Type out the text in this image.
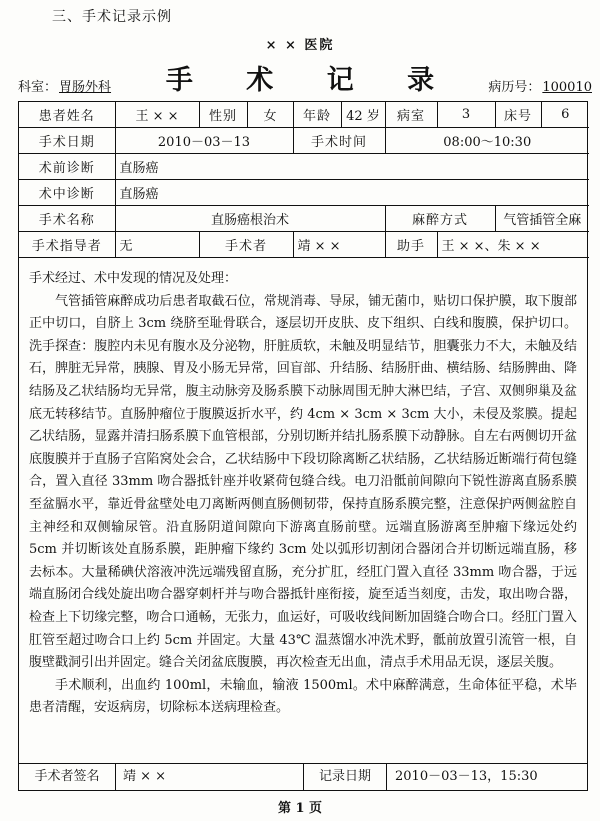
三、手术记录示例
× × 医院
手 术 记 录
科室： 胃肠外科	病历号： 100010
患者姓名	王 × ×	性别	女	年龄	42 岁	病室	3	床号	6
手术日期	2010－03－13			手术时间		08:00～10:30			
术前诊断	直肠癌								
术中诊断	直肠癌								
手术名称	直肠癌根治术					麻醉方式		气管插管全麻	
手术指导者	无	手术者		靖 × ×		助手	王 × ×、朱 × ×		

手术经过、术中发现的情况及处理：

气管插管麻醉成功后患者取截石位，常规消毒、导尿，铺无菌巾，贴切口保护膜，取下腹部正中切口，自脐上 3cm 绕脐至耻骨联合，逐层切开皮肤、皮下组织、白线和腹膜，保护切口。洗手探查：腹腔内未见有腹水及分泌物，肝脏质软，未触及明显结节，胆囊张力不大，未触及结石，脾脏无异常，胰腺、胃及小肠无异常，回盲部、升结肠、结肠肝曲、横结肠、结肠脾曲、降结肠及乙状结肠均无异常，腹主动脉旁及肠系膜下动脉周围无肿大淋巴结，子宫、双侧卵巢及盆底无转移结节。直肠肿瘤位于腹膜返折水平，约 4cm × 3cm × 3cm 大小，未侵及浆膜。提起乙状结肠，显露并清扫肠系膜下血管根部，分别切断并结扎肠系膜下动静脉。自左右两侧切开盆底腹膜并于直肠子宫陷窝处会合，乙状结肠中下段切除离断乙状结肠，乙状结肠近断端行荷包缝合，置入直径 33mm 吻合器抵针座并收紧荷包缝合线。电刀沿骶前间隙向下锐性游离直肠系膜至盆膈水平，靠近骨盆壁处电刀离断两侧直肠侧韧带，保持直肠系膜完整，注意保护两侧盆腔自主神经和双侧输尿管。沿直肠阴道间隙向下游离直肠前壁。远端直肠游离至肿瘤下缘远处约 5cm 并切断该处直肠系膜，距肿瘤下缘约 3cm 处以弧形切割闭合器闭合并切断远端直肠，移去标本。大量稀碘伏溶液冲洗远端残留直肠，充分扩肛，经肛门置入直径 33mm 吻合器，于远端直肠闭合线处旋出吻合器穿刺杆并与吻合器抵针座衔接，旋至适当刻度，击发，取出吻合器，检查上下切缘完整，吻合口通畅，无张力，血运好，可吸收线间断加固缝合吻合口。经肛门置入肛管至超过吻合口上约 5cm 并固定。大量 43℃ 温蒸馏水冲洗术野，骶前放置引流管一根，自腹壁戳洞引出并固定。缝合关闭盆底腹膜，再次检查无出血，清点手术用品无误，逐层关腹。

手术顺利，出血约 100ml，未输血，输液 1500ml。术中麻醉满意，生命体征平稳，术毕患者清醒，安返病房，切除标本送病理检查。

手术者签名	靖 × ×	记录日期	2010－03－13，15:30
第 1 页
